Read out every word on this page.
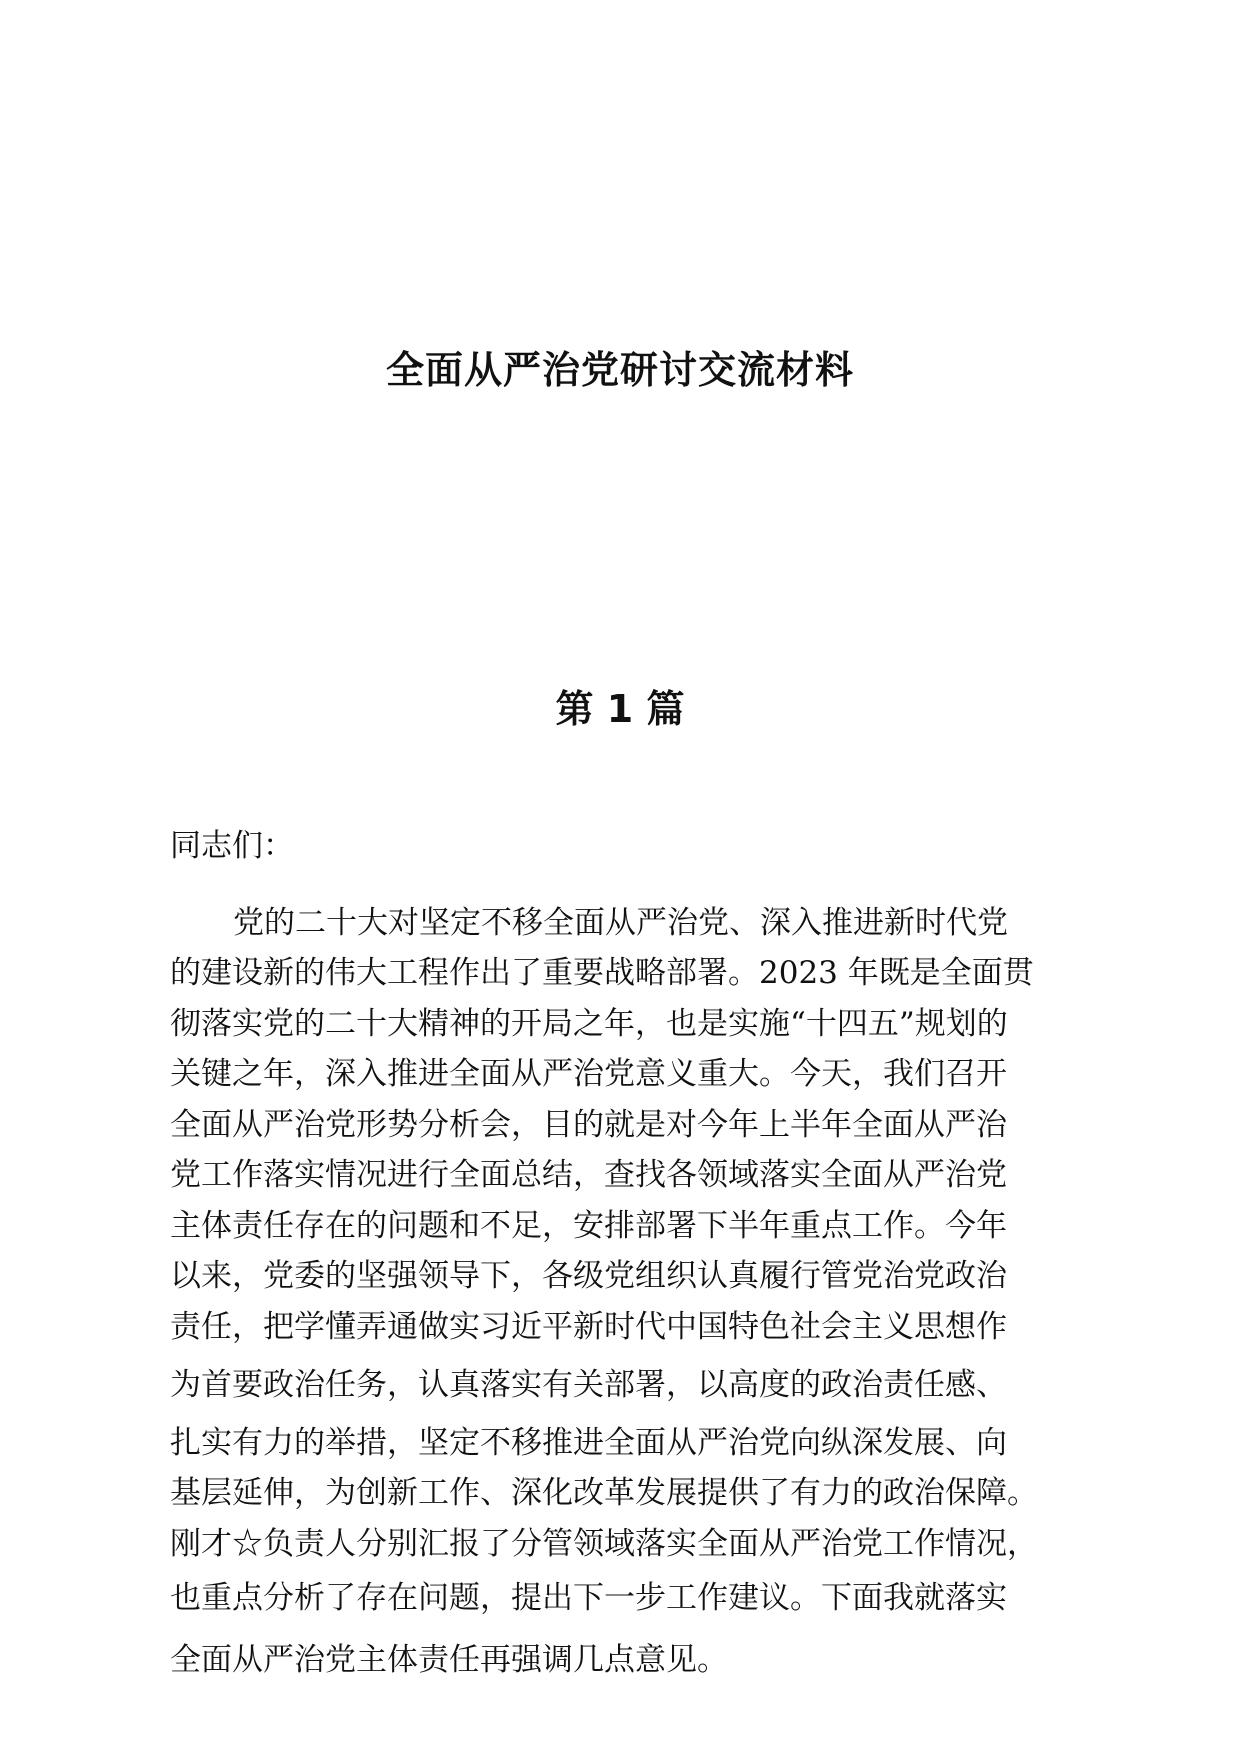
全面从严治党研讨交流材料
第 1 篇

同志们：

党的二十大对坚定不移全面从严治党、深入推进新时代党

的建设新的伟大工程作出了重要战略部署。2023 年既是全面贯

彻落实党的二十大精神的开局之年，也是实施“十四五”规划的

关键之年，深入推进全面从严治党意义重大。今天，我们召开

全面从严治党形势分析会，目的就是对今年上半年全面从严治

党工作落实情况进行全面总结，查找各领域落实全面从严治党

主体责任存在的问题和不足，安排部署下半年重点工作。今年

以来，党委的坚强领导下，各级党组织认真履行管党治党政治

责任，把学懂弄通做实习近平新时代中国特色社会主义思想作

为首要政治任务，认真落实有关部署，以高度的政治责任感、

扎实有力的举措，坚定不移推进全面从严治党向纵深发展、向

基层延伸，为创新工作、深化改革发展提供了有力的政治保障。

刚才☆负责人分别汇报了分管领域落实全面从严治党工作情况，

也重点分析了存在问题，提出下一步工作建议。下面我就落实

全面从严治党主体责任再强调几点意见。
